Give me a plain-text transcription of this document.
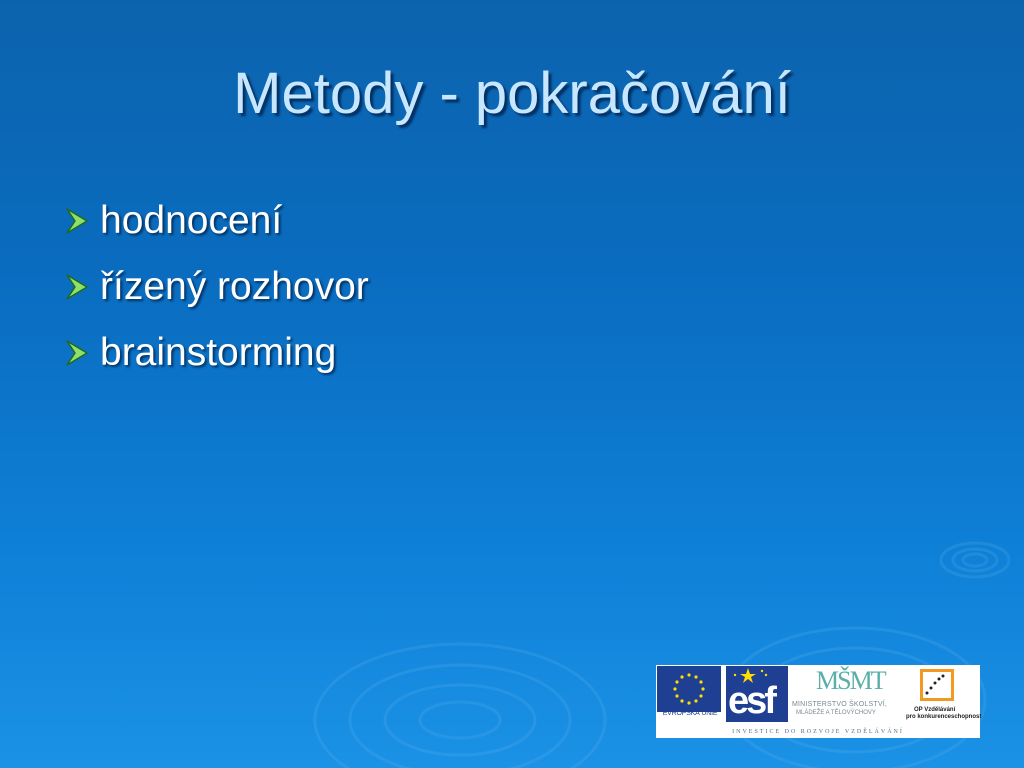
Metody - pokračování
hodnocení
řízený rozhovor
brainstorming
EVROPSKÁ UNIE esf MŠMT
MINISTERSTVO ŠKOLSTVÍ,
MLÁDEŽE A TĚLOVÝCHOVY	OP Vzdělávání
pro konkurenceschopnost
INVESTICE DO ROZVOJE VZDĚLÁVÁNÍ
